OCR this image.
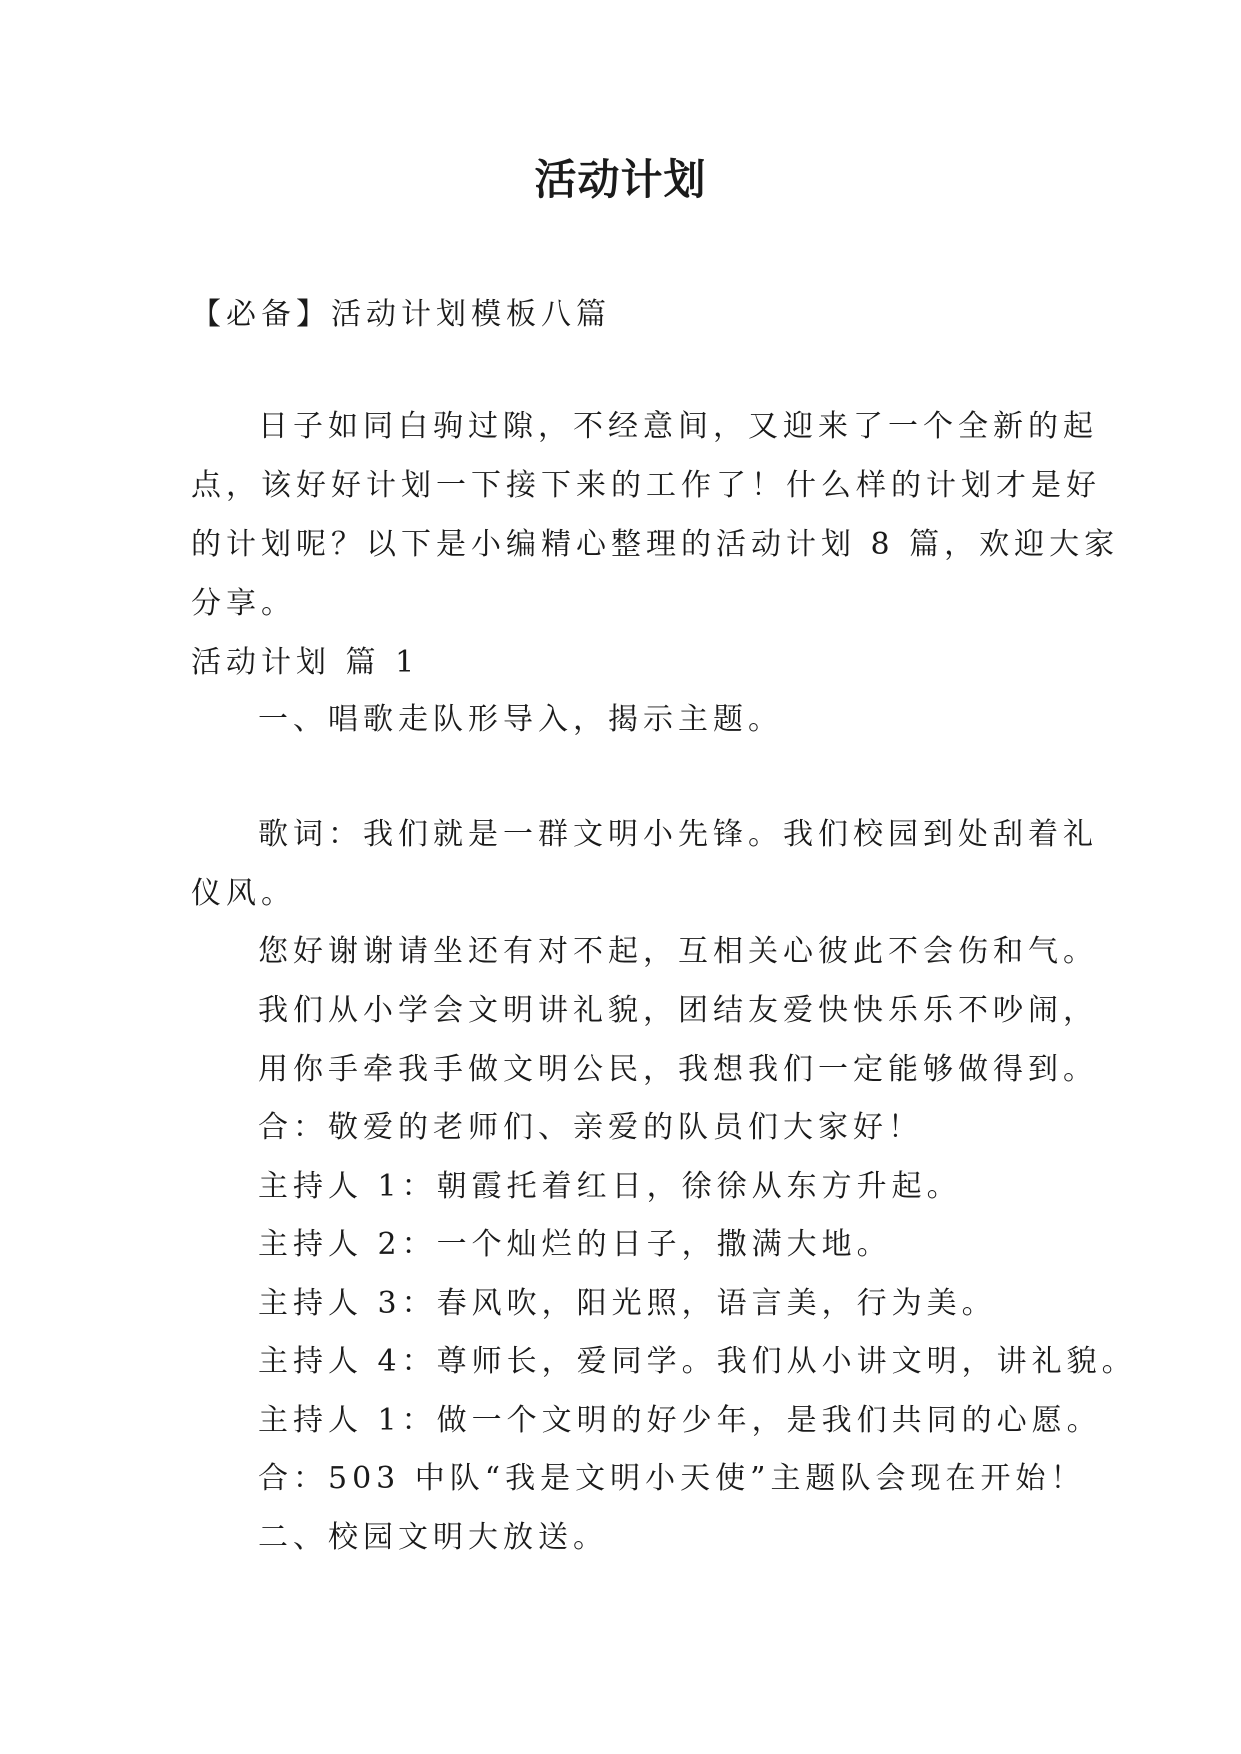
活动计划
【必备】活动计划模板八篇
日子如同白驹过隙，不经意间，又迎来了一个全新的起
点，该好好计划一下接下来的工作了！什么样的计划才是好
的计划呢？以下是小编精心整理的活动计划 8 篇，欢迎大家
分享。
活动计划 篇 1
一、唱歌走队形导入，揭示主题。
歌词：我们就是一群文明小先锋。我们校园到处刮着礼
仪风。
您好谢谢请坐还有对不起，互相关心彼此不会伤和气。
我们从小学会文明讲礼貌，团结友爱快快乐乐不吵闹，
用你手牵我手做文明公民，我想我们一定能够做得到。
合：敬爱的老师们、亲爱的队员们大家好！
主持人 1：朝霞托着红日，徐徐从东方升起。
主持人 2：一个灿烂的日子，撒满大地。
主持人 3：春风吹，阳光照，语言美，行为美。
主持人 4：尊师长，爱同学。我们从小讲文明，讲礼貌。
主持人 1：做一个文明的好少年，是我们共同的心愿。
合：503 中队“我是文明小天使”主题队会现在开始！
二、校园文明大放送。
